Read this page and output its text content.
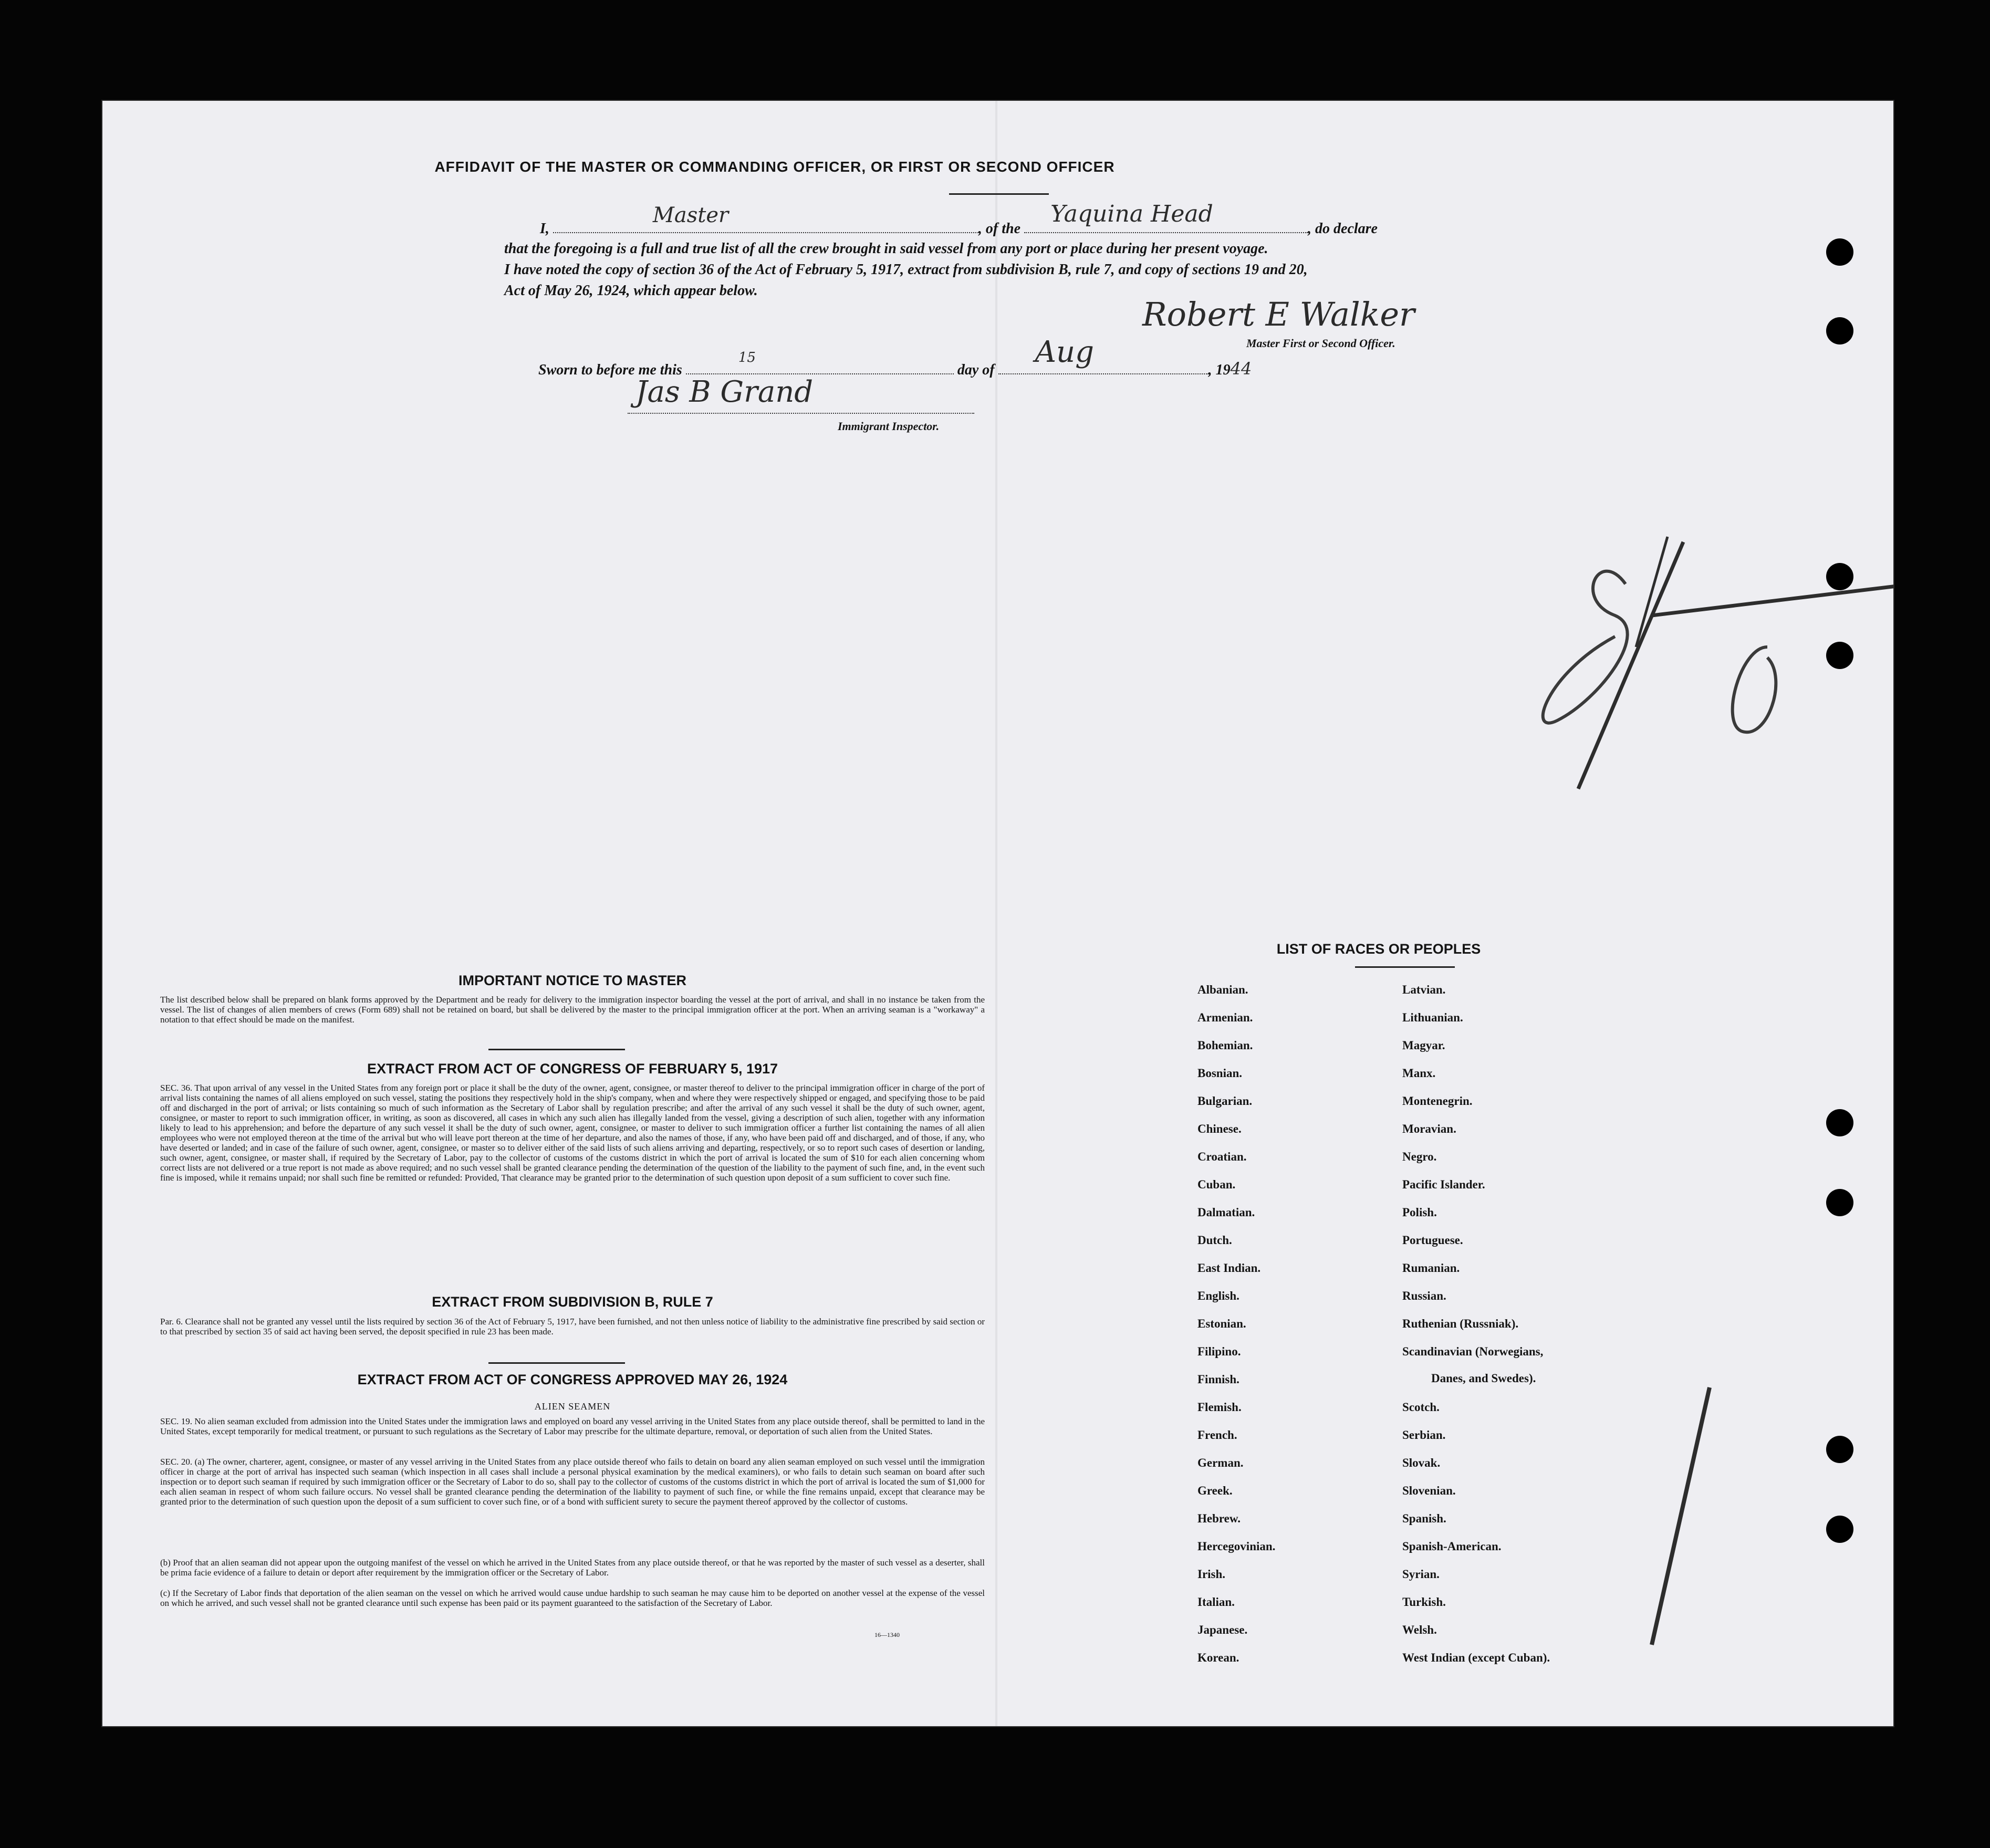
AFFIDAVIT OF THE MASTER OR COMMANDING OFFICER, OR FIRST OR SECOND OFFICER
I,
Master
, of the
Yaquina Head
, do declare
that the foregoing is a full and true list of all the crew brought in said vessel from any port or place during her present voyage.
I have noted the copy of section 36 of the Act of February 5, 1917, extract from subdivision B, rule 7, and copy of sections 19 and 20,
Act of May 26, 1924, which appear below.
Robert E Walker
Master First or Second Officer.
Sworn to before me this
15
day of
Aug
, 1944
Jas B Grand
Immigrant Inspector.
IMPORTANT NOTICE TO MASTER
The list described below shall be prepared on blank forms approved by the Department and be ready for delivery to the immigration inspector boarding the vessel at the port of arrival, and shall in no instance be taken from the vessel. The list of changes of alien members of crews (Form 689) shall not be retained on board, but shall be delivered by the master to the principal immigration officer at the port. When an arriving seaman is a "workaway" a notation to that effect should be made on the manifest.
EXTRACT FROM ACT OF CONGRESS OF FEBRUARY 5, 1917
SEC. 36. That upon arrival of any vessel in the United States from any foreign port or place it shall be the duty of the owner, agent, consignee, or master thereof to deliver to the principal immigration officer in charge of the port of arrival lists containing the names of all aliens employed on such vessel, stating the positions they respectively hold in the ship's company, when and where they were respectively shipped or engaged, and specifying those to be paid off and discharged in the port of arrival; or lists containing so much of such information as the Secretary of Labor shall by regulation prescribe; and after the arrival of any such vessel it shall be the duty of such owner, agent, consignee, or master to report to such immigration officer, in writing, as soon as discovered, all cases in which any such alien has illegally landed from the vessel, giving a description of such alien, together with any information likely to lead to his apprehension; and before the departure of any such vessel it shall be the duty of such owner, agent, consignee, or master to deliver to such immigration officer a further list containing the names of all alien employees who were not employed thereon at the time of the arrival but who will leave port thereon at the time of her departure, and also the names of those, if any, who have been paid off and discharged, and of those, if any, who have deserted or landed; and in case of the failure of such owner, agent, consignee, or master so to deliver either of the said lists of such aliens arriving and departing, respectively, or so to report such cases of desertion or landing, such owner, agent, consignee, or master shall, if required by the Secretary of Labor, pay to the collector of customs of the customs district in which the port of arrival is located the sum of $10 for each alien concerning whom correct lists are not delivered or a true report is not made as above required; and no such vessel shall be granted clearance pending the determination of the question of the liability to the payment of such fine, and, in the event such fine is imposed, while it remains unpaid; nor shall such fine be remitted or refunded: Provided, That clearance may be granted prior to the determination of such question upon deposit of a sum sufficient to cover such fine.
EXTRACT FROM SUBDIVISION B, RULE 7
Par. 6. Clearance shall not be granted any vessel until the lists required by section 36 of the Act of February 5, 1917, have been furnished, and not then unless notice of liability to the administrative fine prescribed by said section or to that prescribed by section 35 of said act having been served, the deposit specified in rule 23 has been made.
EXTRACT FROM ACT OF CONGRESS APPROVED MAY 26, 1924
ALIEN SEAMEN
SEC. 19. No alien seaman excluded from admission into the United States under the immigration laws and employed on board any vessel arriving in the United States from any place outside thereof, shall be permitted to land in the United States, except temporarily for medical treatment, or pursuant to such regulations as the Secretary of Labor may prescribe for the ultimate departure, removal, or deportation of such alien from the United States.
SEC. 20. (a) The owner, charterer, agent, consignee, or master of any vessel arriving in the United States from any place outside thereof who fails to detain on board any alien seaman employed on such vessel until the immigration officer in charge at the port of arrival has inspected such seaman (which inspection in all cases shall include a personal physical examination by the medical examiners), or who fails to detain such seaman on board after such inspection or to deport such seaman if required by such immigration officer or the Secretary of Labor to do so, shall pay to the collector of customs of the customs district in which the port of arrival is located the sum of $1,000 for each alien seaman in respect of whom such failure occurs. No vessel shall be granted clearance pending the determination of the liability to payment of such fine, or while the fine remains unpaid, except that clearance may be granted prior to the determination of such question upon the deposit of a sum sufficient to cover such fine, or of a bond with sufficient surety to secure the payment thereof approved by the collector of customs.
(b) Proof that an alien seaman did not appear upon the outgoing manifest of the vessel on which he arrived in the United States from any place outside thereof, or that he was reported by the master of such vessel as a deserter, shall be prima facie evidence of a failure to detain or deport after requirement by the immigration officer or the Secretary of Labor.
(c) If the Secretary of Labor finds that deportation of the alien seaman on the vessel on which he arrived would cause undue hardship to such seaman he may cause him to be deported on another vessel at the expense of the vessel on which he arrived, and such vessel shall not be granted clearance until such expense has been paid or its payment guaranteed to the satisfaction of the Secretary of Labor.
16—1340
LIST OF RACES OR PEOPLES
Albanian.
Armenian.
Bohemian.
Bosnian.
Bulgarian.
Chinese.
Croatian.
Cuban.
Dalmatian.
Dutch.
East Indian.
English.
Estonian.
Filipino.
Finnish.
Flemish.
French.
German.
Greek.
Hebrew.
Hercegovinian.
Irish.
Italian.
Japanese.
Korean.
Latvian.
Lithuanian.
Magyar.
Manx.
Montenegrin.
Moravian.
Negro.
Pacific Islander.
Polish.
Portuguese.
Rumanian.
Russian.
Ruthenian (Russniak).
Scandinavian (Norwegians,
Scotch.
Serbian.
Slovak.
Slovenian.
Spanish.
Spanish-American.
Syrian.
Turkish.
Welsh.
West Indian (except Cuban).
Danes, and Swedes).
